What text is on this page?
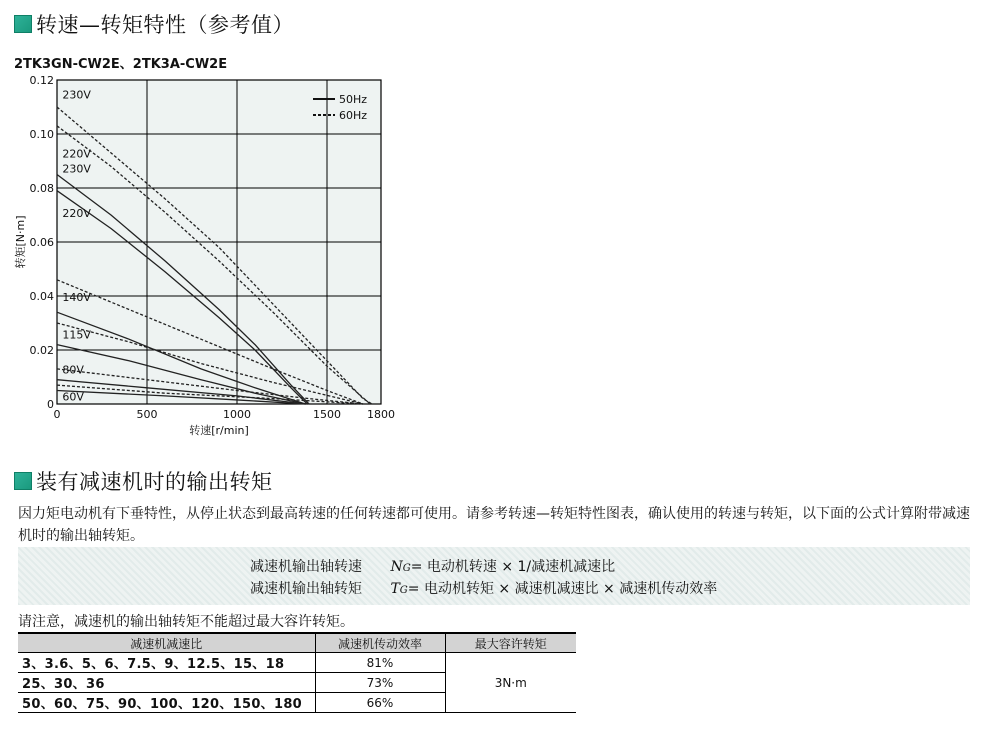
转速—转矩特性（参考值）
2TK3GN-CW2E、2TK3A-CW2E
0
0.02
0.04
0.06
0.08
0.10
0.12
0	500	1000	1500 1800
转速[r/min]
转矩[N·m]
230V
220V
230V
220V
140V
115V
80V
60V
50Hz
60Hz
装有减速机时的输出转矩
因力矩电动机有下垂特性，从停止状态到最高转速的任何转速都可使用。请参考转速—转矩特性图表，确认使用的转速与转矩，以下面的公式计算附带减速机时的输出轴转矩。
减速机输出轴转速 NG= 电动机转速 × 1/减速机减速比
减速机输出轴转矩 TG= 电动机转矩 × 减速机减速比 × 减速机传动效率
请注意，减速机的输出轴转矩不能超过最大容许转矩。
减速机减速比	减速机传动效率	最大容许转矩
3、3.6、5、6、7.5、9、12.5、15、18	81%	3N·m
25、30、36	73%	
50、60、75、90、100、120、150、180	66%	
